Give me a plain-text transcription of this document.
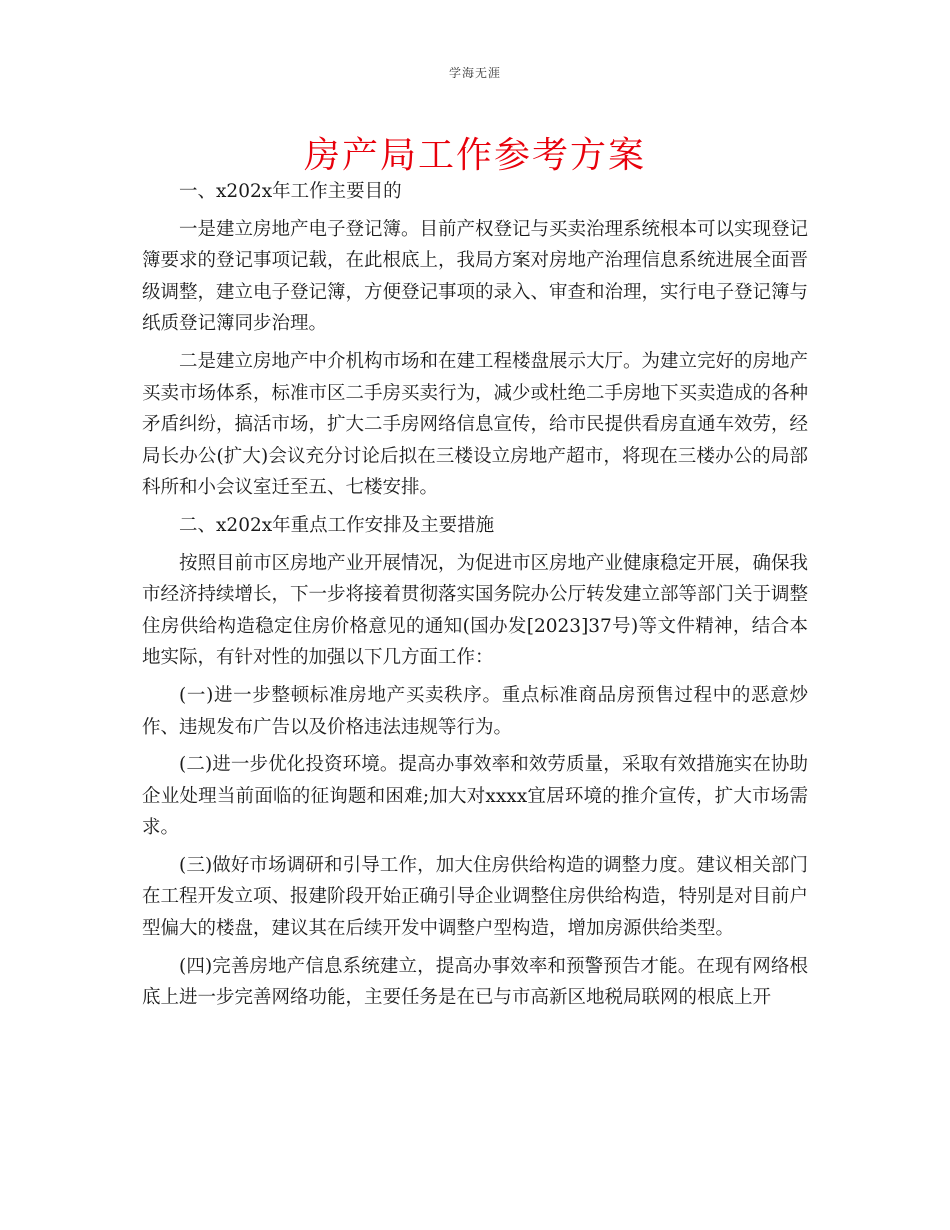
学海无涯
房产局工作参考方案

一、x202x年工作主要目的

一是建立房地产电子登记簿。目前产权登记与买卖治理系统根本可以实现登记簿要求的登记事项记载，在此根底上，我局方案对房地产治理信息系统进展全面晋级调整，建立电子登记簿，方便登记事项的录入、审查和治理，实行电子登记簿与纸质登记簿同步治理。

二是建立房地产中介机构市场和在建工程楼盘展示大厅。为建立完好的房地产买卖市场体系，标准市区二手房买卖行为，减少或杜绝二手房地下买卖造成的各种矛盾纠纷，搞活市场，扩大二手房网络信息宣传，给市民提供看房直通车效劳，经局长办公(扩大)会议充分讨论后拟在三楼设立房地产超市，将现在三楼办公的局部科所和小会议室迁至五、七楼安排。

二、x202x年重点工作安排及主要措施

按照目前市区房地产业开展情况，为促进市区房地产业健康稳定开展，确保我市经济持续增长，下一步将接着贯彻落实国务院办公厅转发建立部等部门关于调整住房供给构造稳定住房价格意见的通知(国办发[2023]37号)等文件精神，结合本地实际，有针对性的加强以下几方面工作：

(一)进一步整顿标准房地产买卖秩序。重点标准商品房预售过程中的恶意炒作、违规发布广告以及价格违法违规等行为。

(二)进一步优化投资环境。提高办事效率和效劳质量，采取有效措施实在协助企业处理当前面临的征询题和困难;加大对xxxx宜居环境的推介宣传，扩大市场需求。

(三)做好市场调研和引导工作，加大住房供给构造的调整力度。建议相关部门在工程开发立项、报建阶段开始正确引导企业调整住房供给构造，特别是对目前户型偏大的楼盘，建议其在后续开发中调整户型构造，增加房源供给类型。

(四)完善房地产信息系统建立，提高办事效率和预警预告才能。在现有网络根底上进一步完善网络功能，主要任务是在已与市高新区地税局联网的根底上开
